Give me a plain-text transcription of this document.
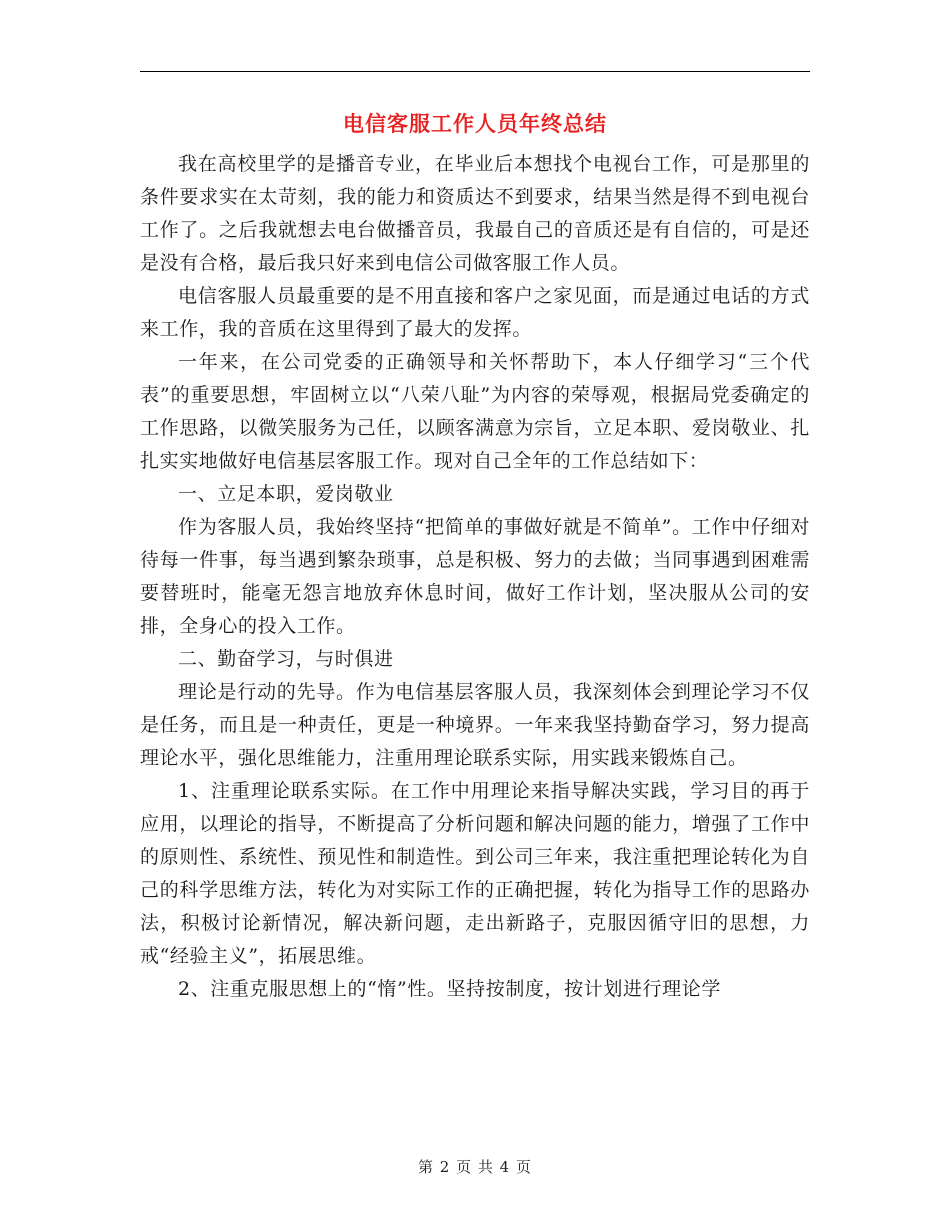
电信客服工作人员年终总结

我在高校里学的是播音专业，在毕业后本想找个电视台工作，可是那里的条件要求实在太苛刻，我的能力和资质达不到要求，结果当然是得不到电视台工作了。之后我就想去电台做播音员，我最自己的音质还是有自信的，可是还是没有合格，最后我只好来到电信公司做客服工作人员。

电信客服人员最重要的是不用直接和客户之家见面，而是通过电话的方式来工作，我的音质在这里得到了最大的发挥。

一年来，在公司党委的正确领导和关怀帮助下，本人仔细学习“三个代表”的重要思想，牢固树立以“八荣八耻”为内容的荣辱观，根据局党委确定的工作思路，以微笑服务为己任，以顾客满意为宗旨，立足本职、爱岗敬业、扎扎实实地做好电信基层客服工作。现对自己全年的工作总结如下：

一、立足本职，爱岗敬业

作为客服人员，我始终坚持“把简单的事做好就是不简单”。工作中仔细对待每一件事，每当遇到繁杂琐事，总是积极、努力的去做；当同事遇到困难需要替班时，能毫无怨言地放弃休息时间，做好工作计划，坚决服从公司的安排，全身心的投入工作。

二、勤奋学习，与时俱进

理论是行动的先导。作为电信基层客服人员，我深刻体会到理论学习不仅是任务，而且是一种责任，更是一种境界。一年来我坚持勤奋学习，努力提高理论水平，强化思维能力，注重用理论联系实际，用实践来锻炼自己。

1、注重理论联系实际。在工作中用理论来指导解决实践，学习目的再于应用，以理论的指导，不断提高了分析问题和解决问题的能力，增强了工作中的原则性、系统性、预见性和制造性。到公司三年来，我注重把理论转化为自己的科学思维方法，转化为对实际工作的正确把握，转化为指导工作的思路办法，积极讨论新情况，解决新问题，走出新路子，克服因循守旧的思想，力戒“经验主义”，拓展思维。

2、注重克服思想上的“惰”性。坚持按制度，按计划进行理论学

第 2 页 共 4 页
